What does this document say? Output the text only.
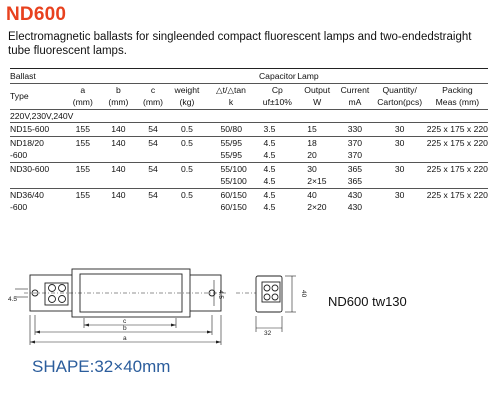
ND600
Electromagnetic ballasts for singleended compact fluorescent lamps and two-endedstraight tube fluorescent lamps.
Ballast						Capacitor	Lamp			
	a	b	c	weight	△t/△tan	Cp	Output	Current	Quantity/	Packing
Type	(mm)	(mm)	(mm)	(kg)	k	uf±10%	W	mA	Carton(pcs)	Meas (mm)
220V,230V,240V										
ND15-600	155	140	54	0.5	50/80	3.5	15	330	30	225 x 175 x 220
ND18/20	155	140	54	0.5	55/95	4.5	18	370	30	225 x 175 x 220
-600					55/95	4.5	20	370		
ND30-600	155	140	54	0.5	55/100	4.5	30	365	30	225 x 175 x 220
					55/100	4.5	2×15	365		
ND36/40	155	140	54	0.5	60/150	4.5	40	430	30	225 x 175 x 220
-600					60/150	4.5	2×20	430		
a
b
c
4.5
4.5
32
40
ND600 tw130
SHAPE:32×40mm
